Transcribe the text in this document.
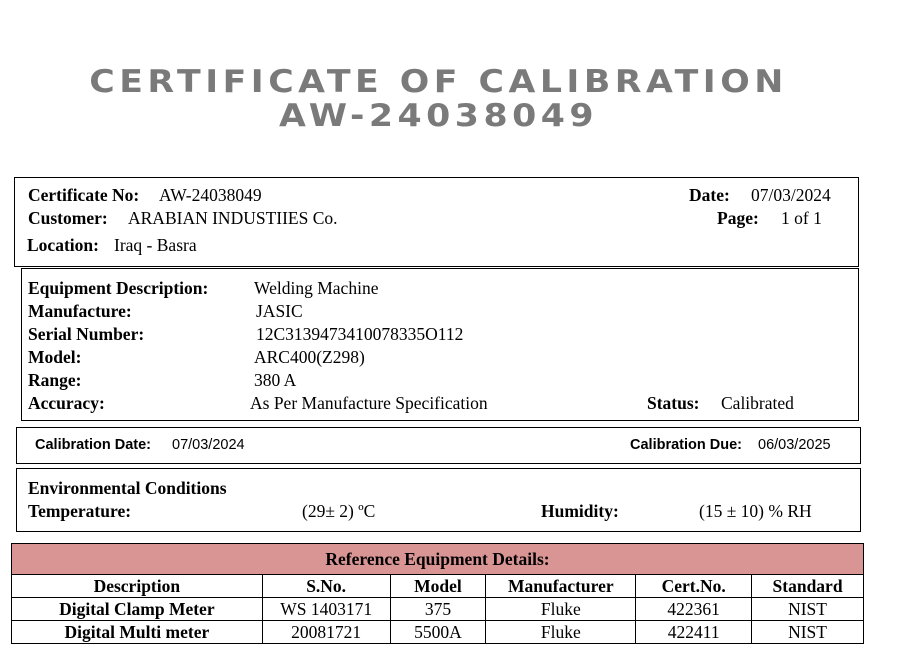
CERTIFICATE OF CALIBRATION
AW-24038049
Certificate No: AW-24038049
Customer: ARABIAN INDUSTIIES Co.
Location: Iraq - Basra
Date: 07/03/2024
Page: 1 of 1
Equipment Description:	Welding Machine
Manufacture:	JASIC
Serial Number:	12C3139473410078335O112
Model:	ARC400(Z298)
Range:	380 A
Accuracy:	As Per Manufacture Specification	Status: Calibrated
Calibration Date: 07/03/2024	Calibration Due: 06/03/2025
Environmental Conditions
Temperature:	(29± 2) ºC	Humidity:	(15 ± 10) % RH
Reference Equipment Details:					
Description	S.No.	Model	Manufacturer	Cert.No.	Standard
Digital Clamp Meter	WS 1403171	375	Fluke	422361	NIST
Digital Multi meter	20081721	5500A	Fluke	422411	NIST
